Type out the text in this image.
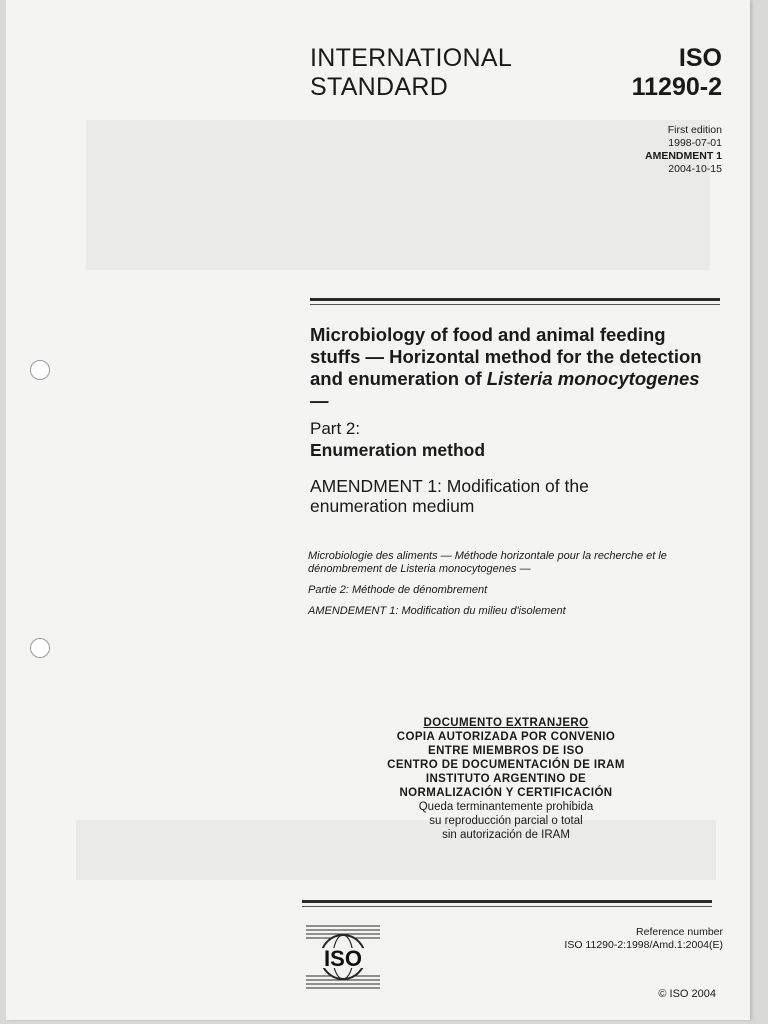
INTERNATIONAL
STANDARD
ISO
11290-2
First edition
1998-07-01
AMENDMENT 1
2004-10-15
Microbiology of food and animal feeding stuffs — Horizontal method for the detection and enumeration of Listeria monocytogenes —
Part 2:
Enumeration method
AMENDMENT 1: Modification of the
enumeration medium

Microbiologie des aliments — Méthode horizontale pour la recherche et le dénombrement de Listeria monocytogenes —

Partie 2: Méthode de dénombrement

AMENDEMENT 1: Modification du milieu d'isolement

DOCUMENTO EXTRANJERO
COPIA AUTORIZADA POR CONVENIO
ENTRE MIEMBROS DE ISO
CENTRO DE DOCUMENTACIÓN DE IRAM
INSTITUTO ARGENTINO DE
NORMALIZACIÓN Y CERTIFICACIÓN
Queda terminantemente prohibida
su reproducción parcial o total
sin autorización de IRAM
ISO
Reference number
ISO 11290-2:1998/Amd.1:2004(E)
© ISO 2004
